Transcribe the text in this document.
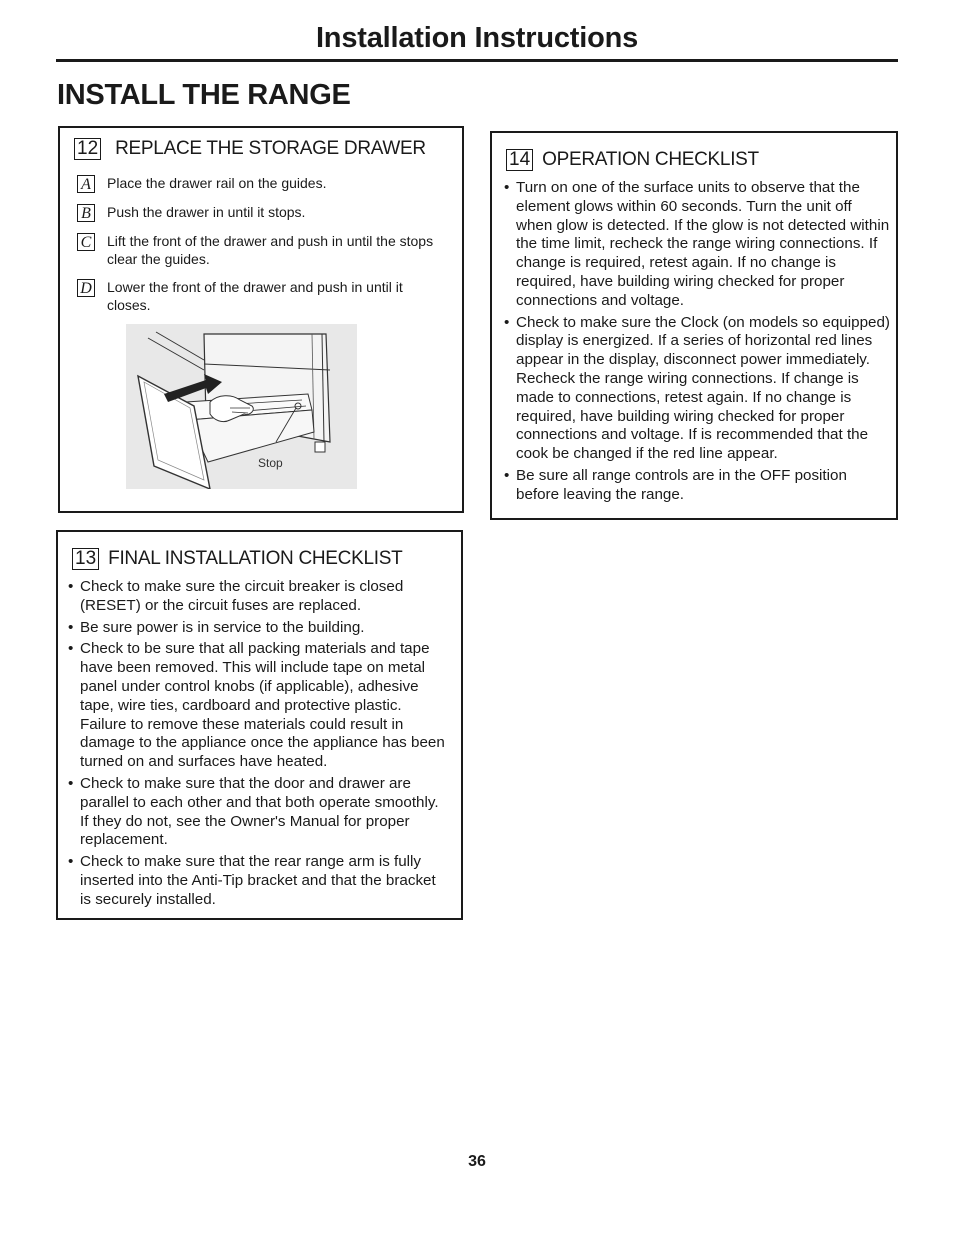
Installation Instructions
INSTALL THE RANGE
12 REPLACE THE STORAGE DRAWER
A Place the drawer rail on the guides.
B Push the drawer in until it stops.
C Lift the front of the drawer and push in until the stops clear the guides.
D Lower the front of the drawer and push in until it closes.
Stop
13 FINAL INSTALLATION CHECKLIST
• Check to make sure the circuit breaker is closed (RESET) or the circuit fuses are replaced.
• Be sure power is in service to the building.
• Check to be sure that all packing materials and tape have been removed. This will include tape on metal panel under control knobs (if applicable), adhesive tape, wire ties, cardboard and protective plastic. Failure to remove these materials could result in damage to the appliance once the appliance has been turned on and surfaces have heated.
• Check to make sure that the door and drawer are parallel to each other and that both operate smoothly. If they do not, see the Owner's Manual for proper replacement.
• Check to make sure that the rear range arm is fully inserted into the Anti-Tip bracket and that the bracket is securely installed.
14 OPERATION CHECKLIST
• Turn on one of the surface units to observe that the element glows within 60 seconds. Turn the unit off when glow is detected. If the glow is not detected within the time limit, recheck the range wiring connections. If change is required, retest again. If no change is required, have building wiring checked for proper connections and voltage.
• Check to make sure the Clock (on models so equipped) display is energized. If a series of horizontal red lines appear in the display, disconnect power immediately. Recheck the range wiring connections. If change is made to connections, retest again. If no change is required, have building wiring checked for proper connections and voltage. If is recommended that the cook be changed if the red line appear.
• Be sure all range controls are in the OFF position before leaving the range.
36
